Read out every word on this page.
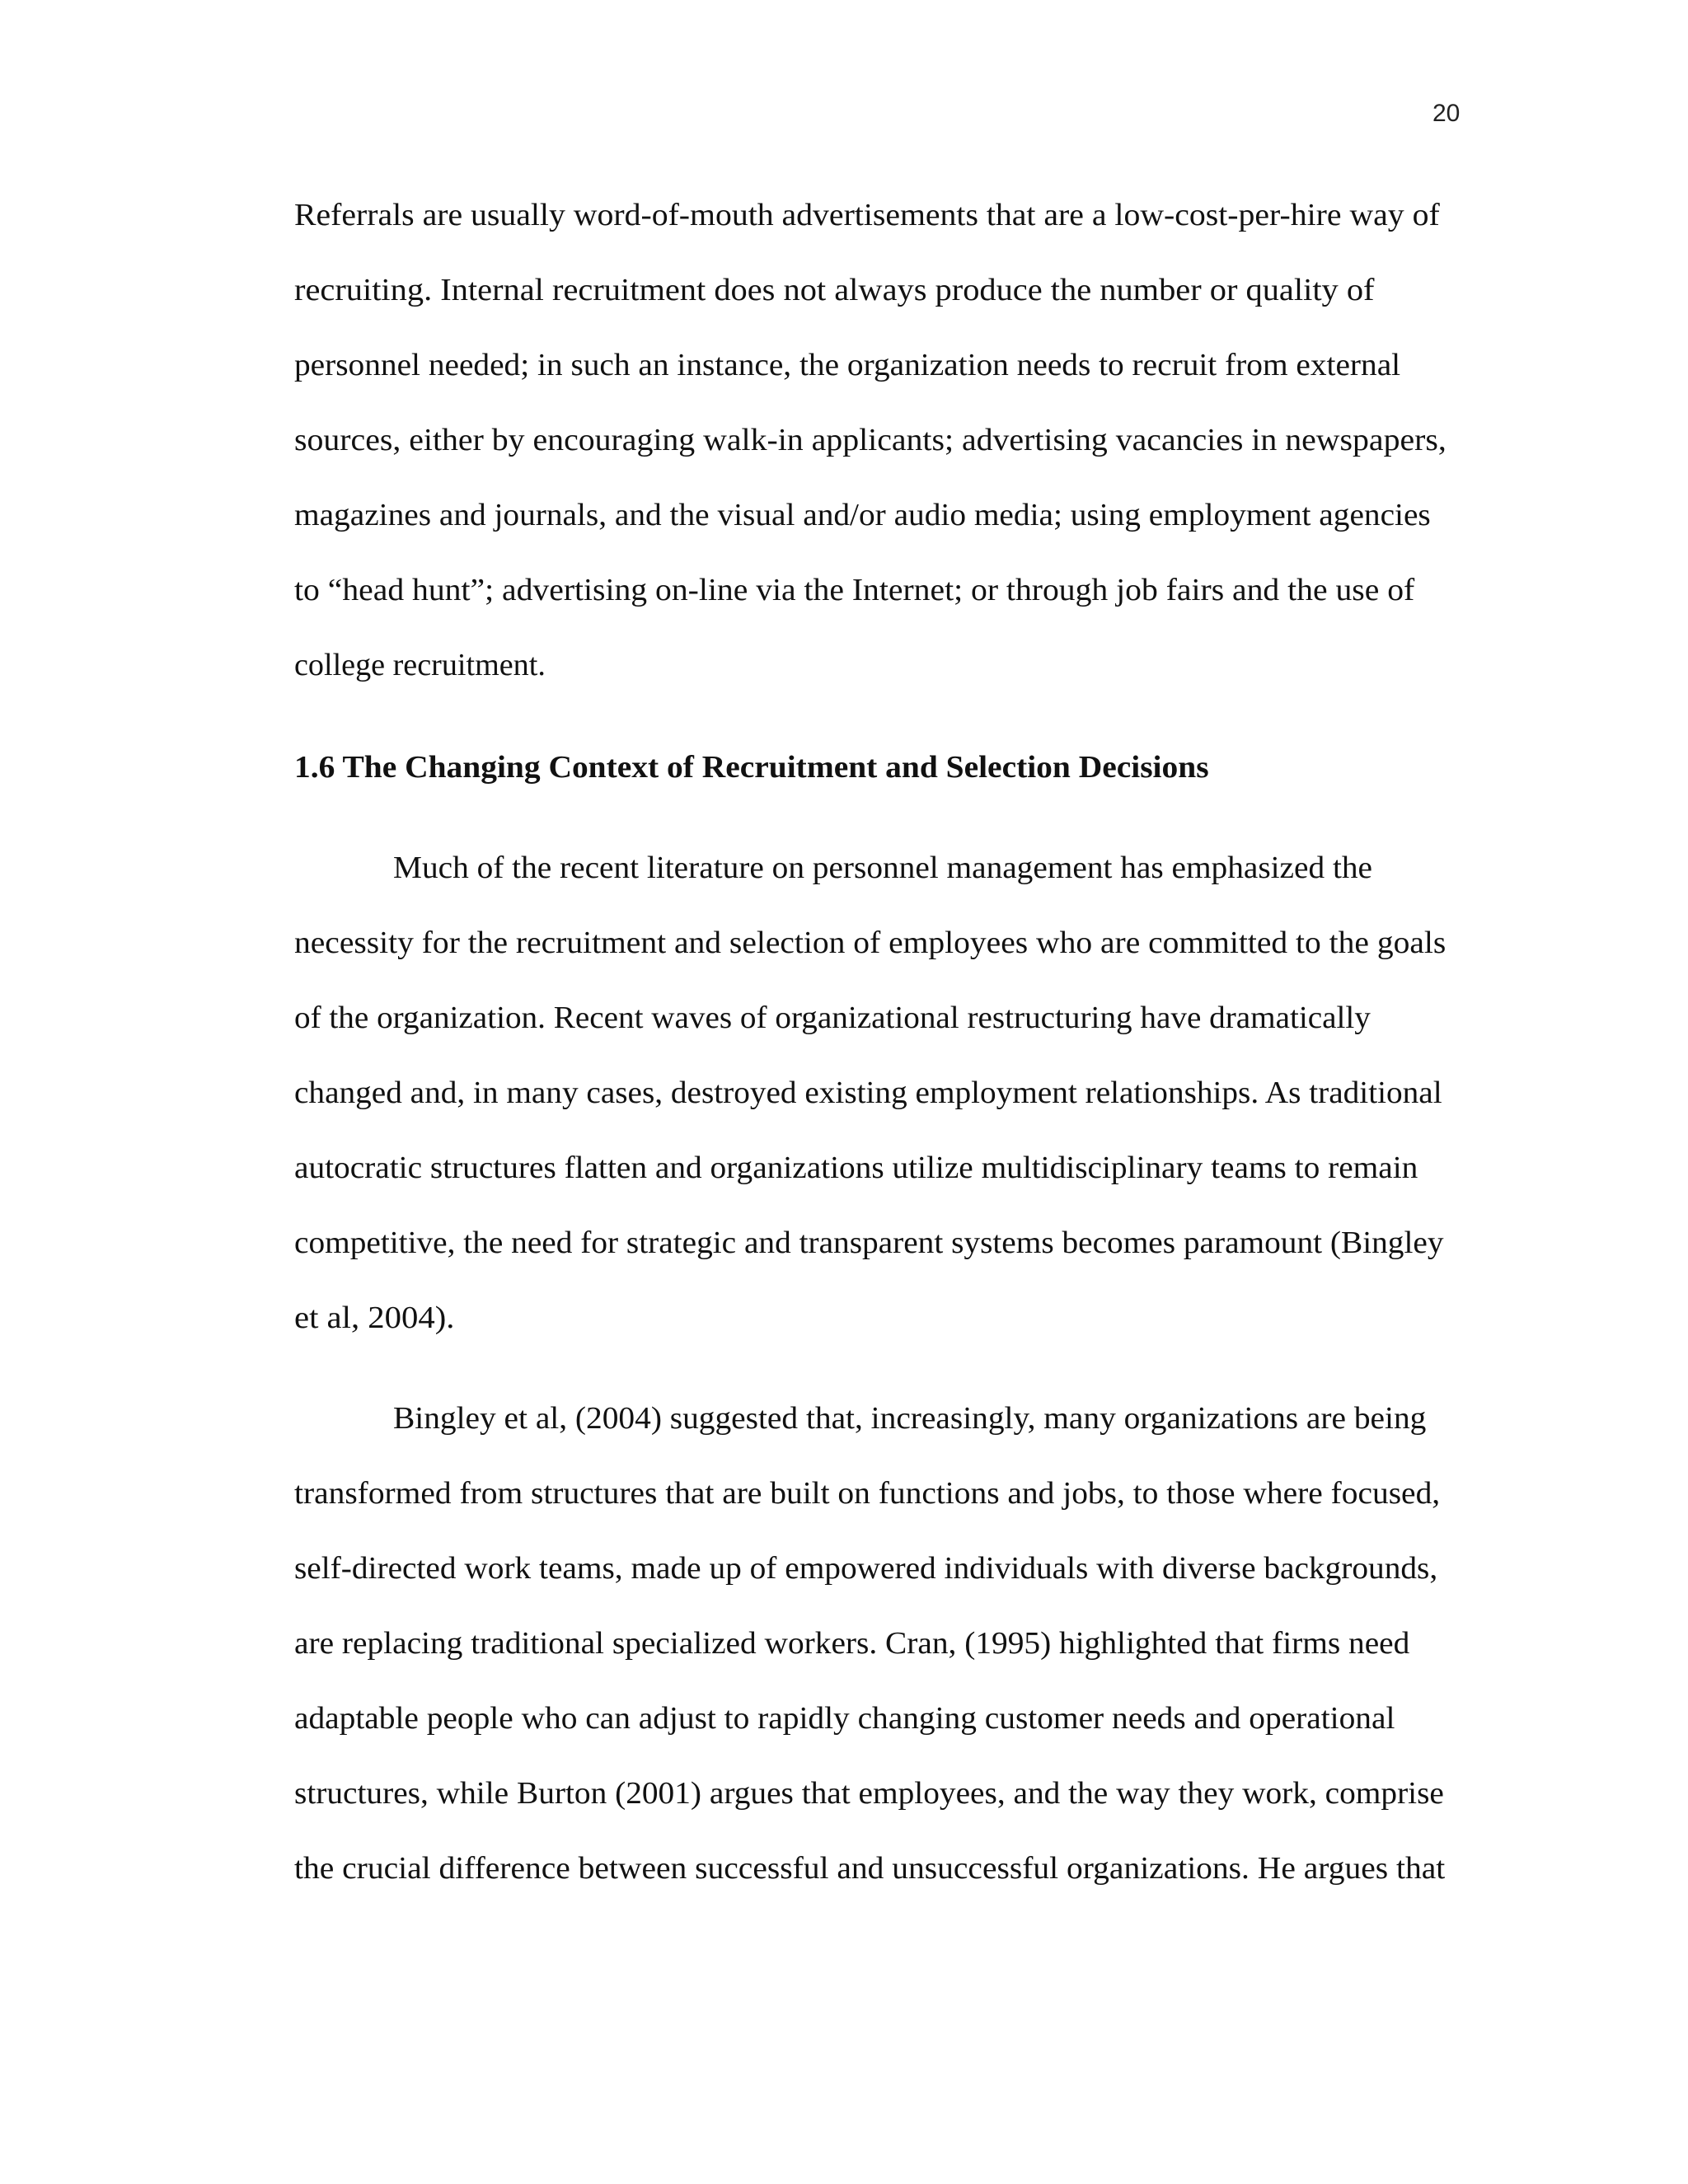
20
Referrals are usually word-of-mouth advertisements that are a low-cost-per-hire way of
recruiting. Internal recruitment does not always produce the number or quality of
personnel needed; in such an instance, the organization needs to recruit from external
sources, either by encouraging walk-in applicants; advertising vacancies in newspapers,
magazines and journals, and the visual and/or audio media; using employment agencies
to “head hunt”; advertising on-line via the Internet; or through job fairs and the use of
college recruitment.
1.6 The Changing Context of Recruitment and Selection Decisions
Much of the recent literature on personnel management has emphasized the
necessity for the recruitment and selection of employees who are committed to the goals
of the organization. Recent waves of organizational restructuring have dramatically
changed and, in many cases, destroyed existing employment relationships. As traditional
autocratic structures flatten and organizations utilize multidisciplinary teams to remain
competitive, the need for strategic and transparent systems becomes paramount (Bingley
et al, 2004).
Bingley et al, (2004) suggested that, increasingly, many organizations are being
transformed from structures that are built on functions and jobs, to those where focused,
self-directed work teams, made up of empowered individuals with diverse backgrounds,
are replacing traditional specialized workers. Cran, (1995) highlighted that firms need
adaptable people who can adjust to rapidly changing customer needs and operational
structures, while Burton (2001) argues that employees, and the way they work, comprise
the crucial difference between successful and unsuccessful organizations. He argues that
